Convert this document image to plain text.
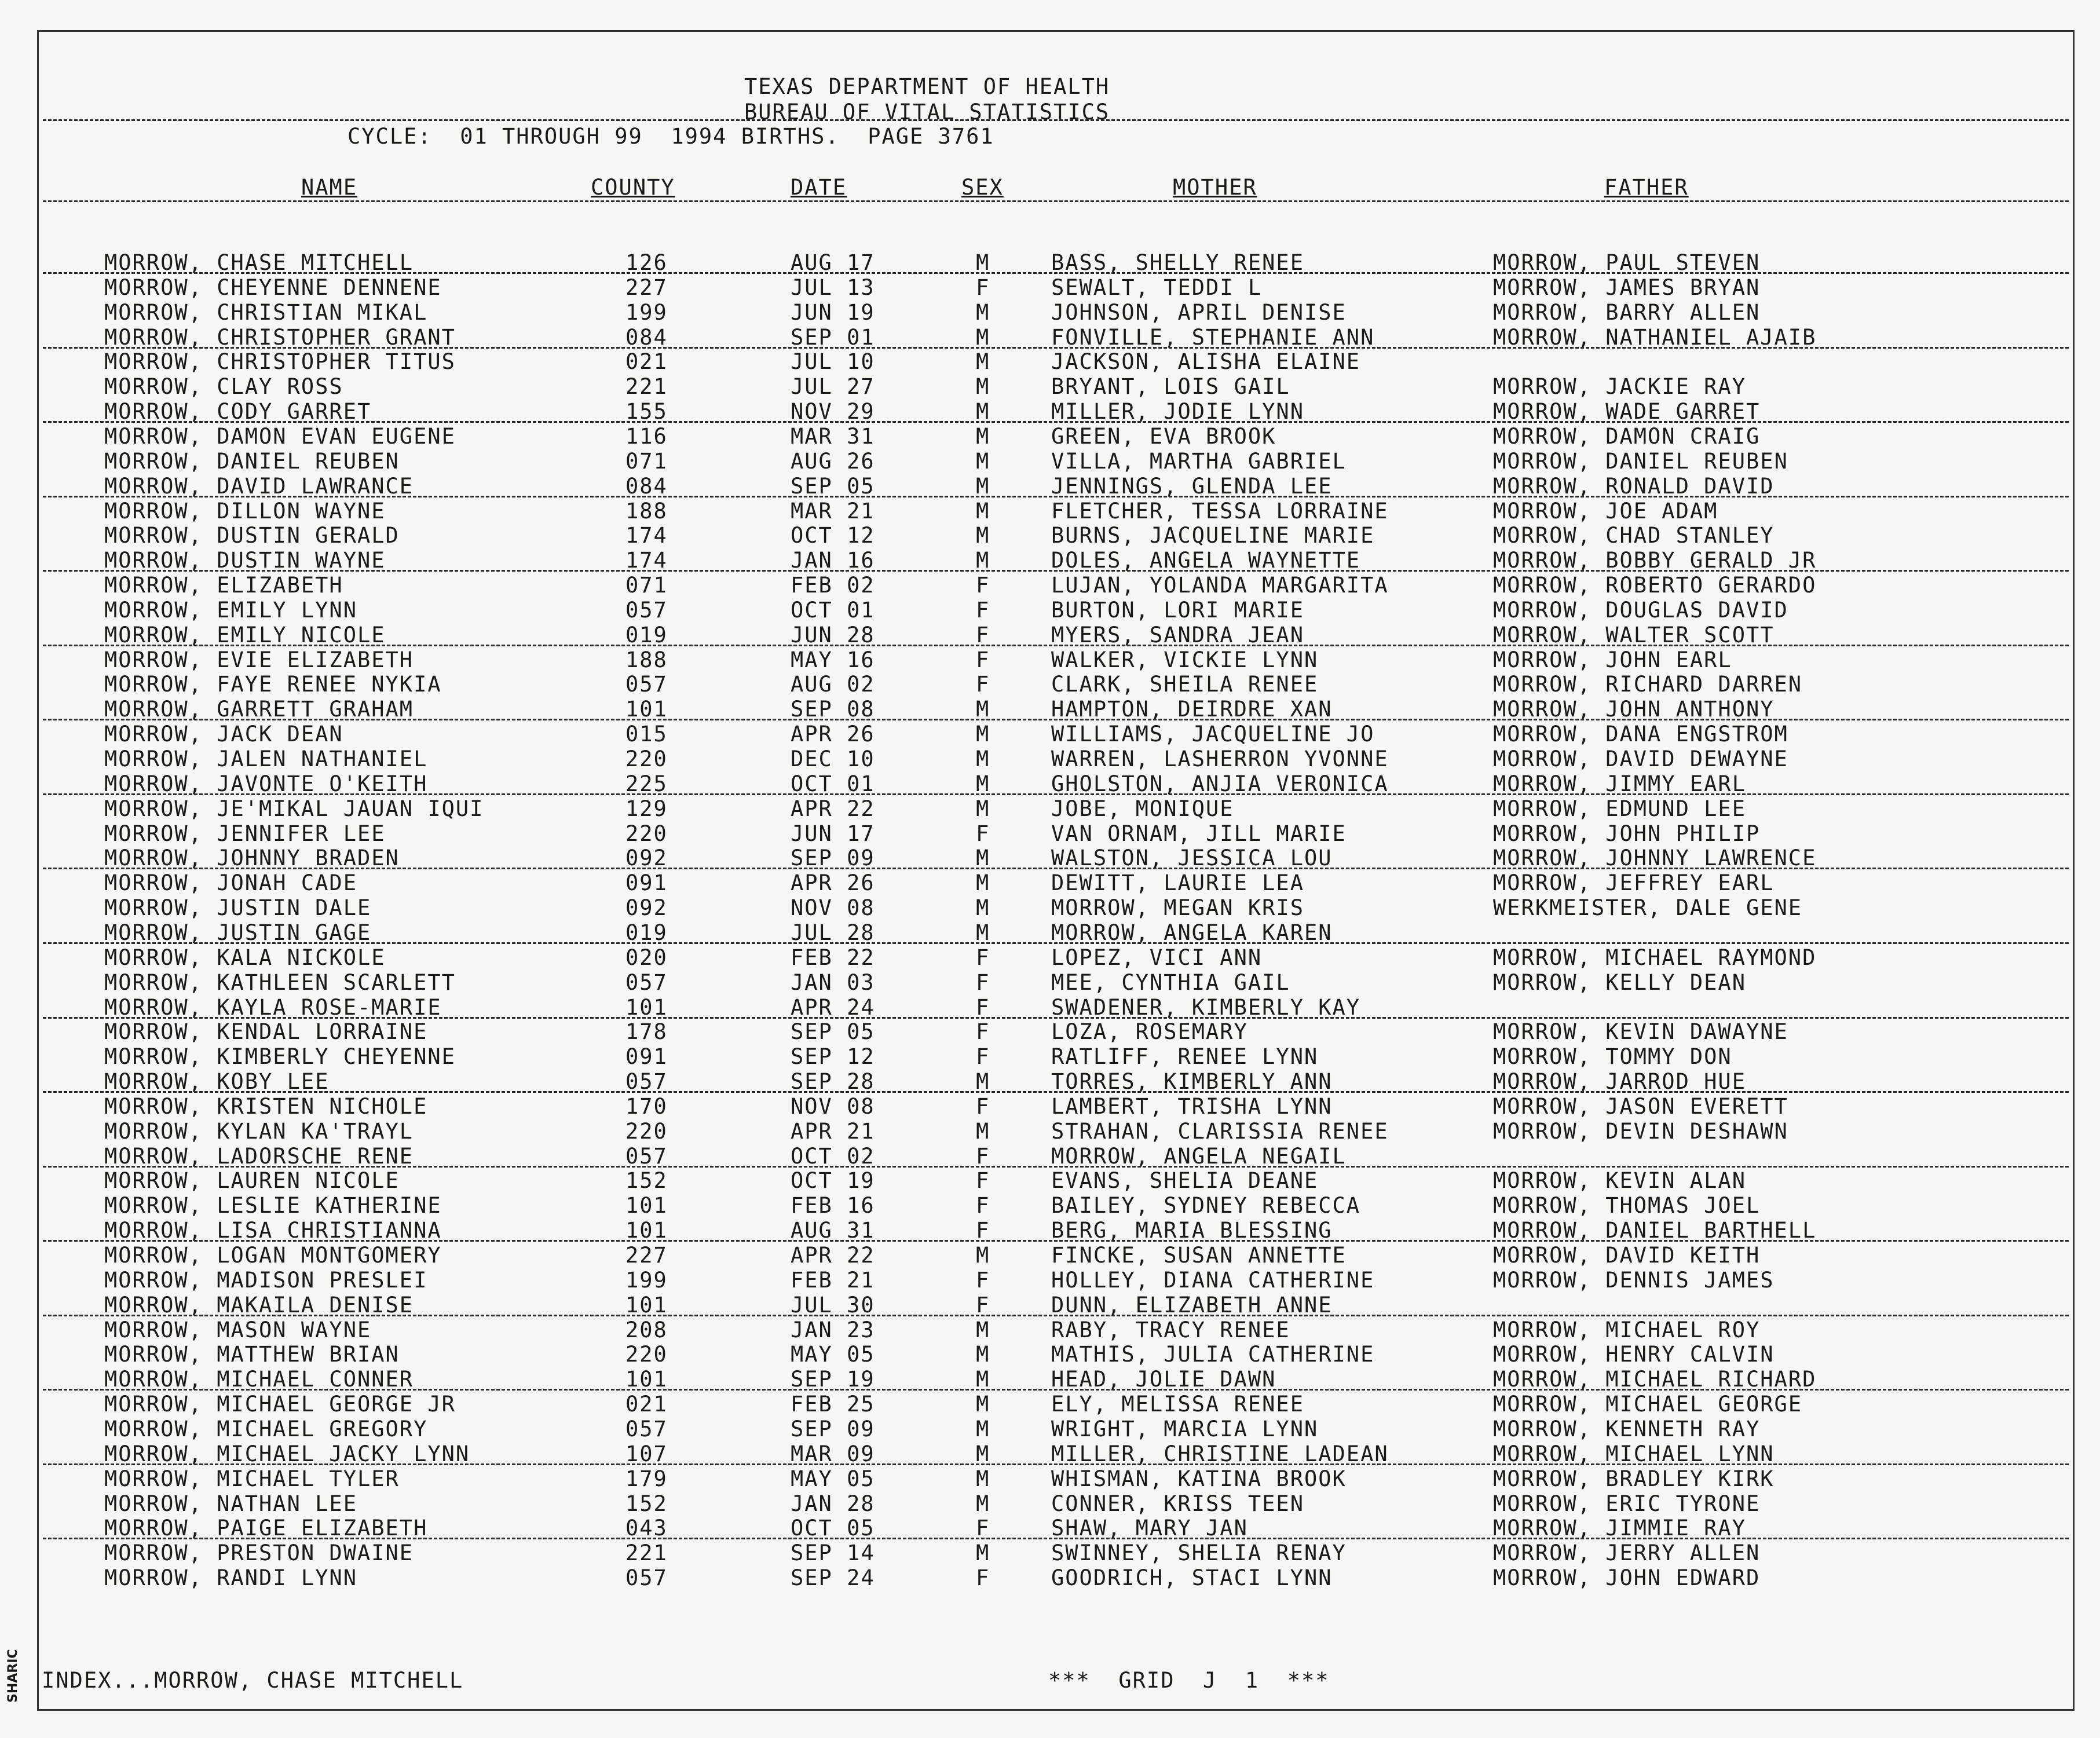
TEXAS DEPARTMENT OF HEALTH
BUREAU OF VITAL STATISTICS
CYCLE:  01 THROUGH 99  1994 BIRTHS.  PAGE 3761
NAME	COUNTY	DATE	SEX	MOTHER	FATHER
MORROW, CHASE MITCHELL	126	AUG 17	M	BASS, SHELLY RENEE	MORROW, PAUL STEVEN
MORROW, CHEYENNE DENNENE	227	JUL 13	F	SEWALT, TEDDI L	MORROW, JAMES BRYAN
MORROW, CHRISTIAN MIKAL	199	JUN 19	M	JOHNSON, APRIL DENISE	MORROW, BARRY ALLEN
MORROW, CHRISTOPHER GRANT	084	SEP 01	M	FONVILLE, STEPHANIE ANN	MORROW, NATHANIEL AJAIB
MORROW, CHRISTOPHER TITUS	021	JUL 10	M	JACKSON, ALISHA ELAINE
MORROW, CLAY ROSS	221	JUL 27	M	BRYANT, LOIS GAIL	MORROW, JACKIE RAY
MORROW, CODY GARRET	155	NOV 29	M	MILLER, JODIE LYNN	MORROW, WADE GARRET
MORROW, DAMON EVAN EUGENE	116	MAR 31	M	GREEN, EVA BROOK	MORROW, DAMON CRAIG
MORROW, DANIEL REUBEN	071	AUG 26	M	VILLA, MARTHA GABRIEL	MORROW, DANIEL REUBEN
MORROW, DAVID LAWRANCE	084	SEP 05	M	JENNINGS, GLENDA LEE	MORROW, RONALD DAVID
MORROW, DILLON WAYNE	188	MAR 21	M	FLETCHER, TESSA LORRAINE	MORROW, JOE ADAM
MORROW, DUSTIN GERALD	174	OCT 12	M	BURNS, JACQUELINE MARIE	MORROW, CHAD STANLEY
MORROW, DUSTIN WAYNE	174	JAN 16	M	DOLES, ANGELA WAYNETTE	MORROW, BOBBY GERALD JR
MORROW, ELIZABETH	071	FEB 02	F	LUJAN, YOLANDA MARGARITA	MORROW, ROBERTO GERARDO
MORROW, EMILY LYNN	057	OCT 01	F	BURTON, LORI MARIE	MORROW, DOUGLAS DAVID
MORROW, EMILY NICOLE	019	JUN 28	F	MYERS, SANDRA JEAN	MORROW, WALTER SCOTT
MORROW, EVIE ELIZABETH	188	MAY 16	F	WALKER, VICKIE LYNN	MORROW, JOHN EARL
MORROW, FAYE RENEE NYKIA	057	AUG 02	F	CLARK, SHEILA RENEE	MORROW, RICHARD DARREN
MORROW, GARRETT GRAHAM	101	SEP 08	M	HAMPTON, DEIRDRE XAN	MORROW, JOHN ANTHONY
MORROW, JACK DEAN	015	APR 26	M	WILLIAMS, JACQUELINE JO	MORROW, DANA ENGSTROM
MORROW, JALEN NATHANIEL	220	DEC 10	M	WARREN, LASHERRON YVONNE	MORROW, DAVID DEWAYNE
MORROW, JAVONTE O'KEITH	225	OCT 01	M	GHOLSTON, ANJIA VERONICA	MORROW, JIMMY EARL
MORROW, JE'MIKAL JAUAN IQUI	129	APR 22	M	JOBE, MONIQUE	MORROW, EDMUND LEE
MORROW, JENNIFER LEE	220	JUN 17	F	VAN ORNAM, JILL MARIE	MORROW, JOHN PHILIP
MORROW, JOHNNY BRADEN	092	SEP 09	M	WALSTON, JESSICA LOU	MORROW, JOHNNY LAWRENCE
MORROW, JONAH CADE	091	APR 26	M	DEWITT, LAURIE LEA	MORROW, JEFFREY EARL
MORROW, JUSTIN DALE	092	NOV 08	M	MORROW, MEGAN KRIS	WERKMEISTER, DALE GENE
MORROW, JUSTIN GAGE	019	JUL 28	M	MORROW, ANGELA KAREN
MORROW, KALA NICKOLE	020	FEB 22	F	LOPEZ, VICI ANN	MORROW, MICHAEL RAYMOND
MORROW, KATHLEEN SCARLETT	057	JAN 03	F	MEE, CYNTHIA GAIL	MORROW, KELLY DEAN
MORROW, KAYLA ROSE-MARIE	101	APR 24	F	SWADENER, KIMBERLY KAY
MORROW, KENDAL LORRAINE	178	SEP 05	F	LOZA, ROSEMARY	MORROW, KEVIN DAWAYNE
MORROW, KIMBERLY CHEYENNE	091	SEP 12	F	RATLIFF, RENEE LYNN	MORROW, TOMMY DON
MORROW, KOBY LEE	057	SEP 28	M	TORRES, KIMBERLY ANN	MORROW, JARROD HUE
MORROW, KRISTEN NICHOLE	170	NOV 08	F	LAMBERT, TRISHA LYNN	MORROW, JASON EVERETT
MORROW, KYLAN KA'TRAYL	220	APR 21	M	STRAHAN, CLARISSIA RENEE	MORROW, DEVIN DESHAWN
MORROW, LADORSCHE RENE	057	OCT 02	F	MORROW, ANGELA NEGAIL
MORROW, LAUREN NICOLE	152	OCT 19	F	EVANS, SHELIA DEANE	MORROW, KEVIN ALAN
MORROW, LESLIE KATHERINE	101	FEB 16	F	BAILEY, SYDNEY REBECCA	MORROW, THOMAS JOEL
MORROW, LISA CHRISTIANNA	101	AUG 31	F	BERG, MARIA BLESSING	MORROW, DANIEL BARTHELL
MORROW, LOGAN MONTGOMERY	227	APR 22	M	FINCKE, SUSAN ANNETTE	MORROW, DAVID KEITH
MORROW, MADISON PRESLEI	199	FEB 21	F	HOLLEY, DIANA CATHERINE	MORROW, DENNIS JAMES
MORROW, MAKAILA DENISE	101	JUL 30	F	DUNN, ELIZABETH ANNE
MORROW, MASON WAYNE	208	JAN 23	M	RABY, TRACY RENEE	MORROW, MICHAEL ROY
MORROW, MATTHEW BRIAN	220	MAY 05	M	MATHIS, JULIA CATHERINE	MORROW, HENRY CALVIN
MORROW, MICHAEL CONNER	101	SEP 19	M	HEAD, JOLIE DAWN	MORROW, MICHAEL RICHARD
MORROW, MICHAEL GEORGE JR	021	FEB 25	M	ELY, MELISSA RENEE	MORROW, MICHAEL GEORGE
MORROW, MICHAEL GREGORY	057	SEP 09	M	WRIGHT, MARCIA LYNN	MORROW, KENNETH RAY
MORROW, MICHAEL JACKY LYNN	107	MAR 09	M	MILLER, CHRISTINE LADEAN	MORROW, MICHAEL LYNN
MORROW, MICHAEL TYLER	179	MAY 05	M	WHISMAN, KATINA BROOK	MORROW, BRADLEY KIRK
MORROW, NATHAN LEE	152	JAN 28	M	CONNER, KRISS TEEN	MORROW, ERIC TYRONE
MORROW, PAIGE ELIZABETH	043	OCT 05	F	SHAW, MARY JAN	MORROW, JIMMIE RAY
MORROW, PRESTON DWAINE	221	SEP 14	M	SWINNEY, SHELIA RENAY	MORROW, JERRY ALLEN
MORROW, RANDI LYNN	057	SEP 24	F	GOODRICH, STACI LYNN	MORROW, JOHN EDWARD
INDEX...MORROW, CHASE MITCHELL	***  GRID  J  1  ***
SHARIC
